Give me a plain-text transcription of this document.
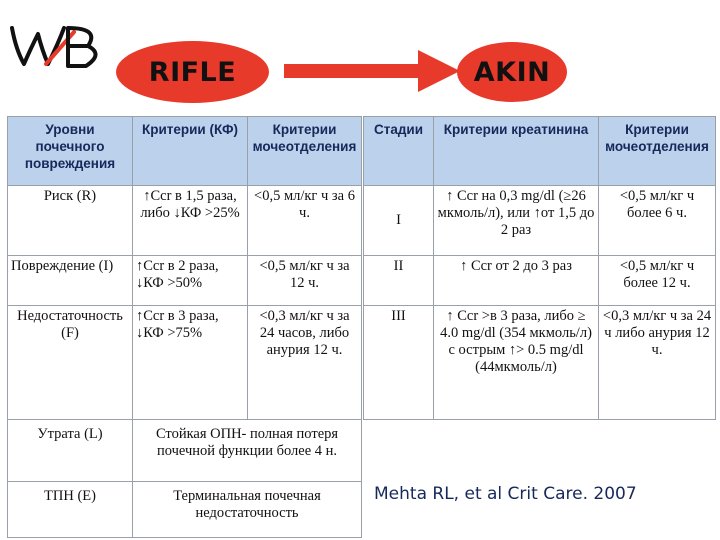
RIFLE	AKIN
Уровни почечного повреждения	Критерии (КФ)	Критерии мочеотделения
Риск (R)	↑Ccr в 1,5 раза, либо ↓КФ >25%	<0,5 мл/кг ч за 6 ч.
Повреждение (I)	↑Ccr в 2 раза, ↓КФ >50%	<0,5 мл/кг ч за 12 ч.
Недостаточность (F)	↑Ccr в 3 раза, ↓КФ >75%	<0,3 мл/кг ч за 24 часов, либо анурия 12 ч.
Утрата (L)	Стойкая ОПН- полная потеря почечной функции более 4 н.	
ТПН (E)	Терминальная почечная недостаточность	
Стадии	Критерии креатинина	Критерии мочеотделения
I	↑ Ccr на 0,3 mg/dl (≥26 мкмоль/л), или ↑от 1,5 до 2 раз	<0,5 мл/кг ч более 6 ч.
II	↑ Ccr от 2 до 3 раз	<0,5 мл/кг ч более 12 ч.
III	↑ Ccr >в 3 раза, либо ≥ 4.0 mg/dl (354 мкмоль/л) с острым ↑> 0.5 mg/dl (44мкмоль/л)	<0,3 мл/кг ч за 24 ч либо анурия 12 ч.
Mehta RL, et al Crit Care. 2007
